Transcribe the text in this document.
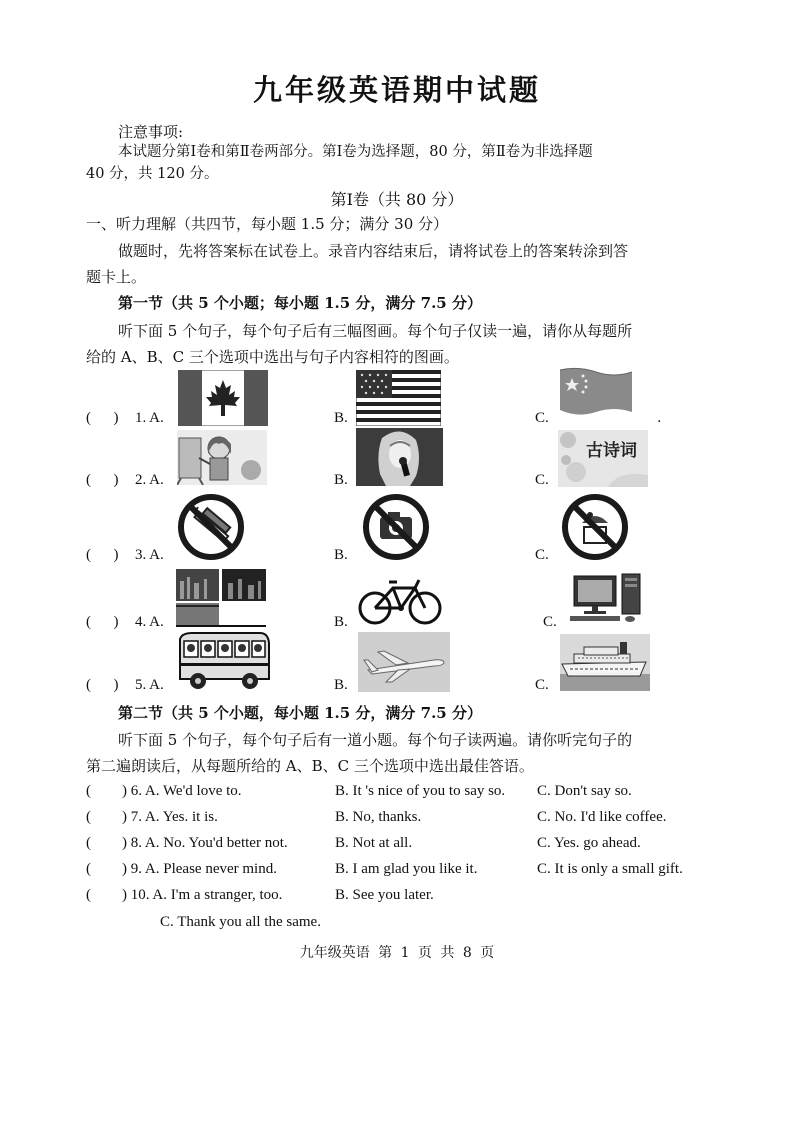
九年级英语期中试题
注意事项:
本试题分第Ⅰ卷和第Ⅱ卷两部分。第Ⅰ卷为选择题，80 分，第Ⅱ卷为非选择题
40 分，共 120 分。
第Ⅰ卷（共 80 分）
一、听力理解（共四节，每小题 1.5 分；满分 30 分）
做题时，先将答案标在试卷上。录音内容结束后，请将试卷上的答案转涂到答
题卡上。
第一节（共 5 个小题；每小题 1.5 分，满分 7.5 分）
听下面 5 个句子，每个句子后有三幅图画。每个句子仅读一遍，请你从每题所
给的 A、B、C 三个选项中选出与句子内容相符的图画。
(      ) 1. A.	B.	C.
(      ) 2. A.	B.	C.
(      ) 3. A.	B.	C.
(      ) 4. A.	B.	C.
(      ) 5. A.	B.	C.
.
古诗词
第二节（共 5 个小题，每小题 1.5 分，满分 7.5 分）
听下面 5 个句子，每个句子后有一道小题。每个句子读两遍。请你听完句子的
第二遍朗读后，从每题所给的 A、B、C 三个选项中选出最佳答语。
( ) 6. A. We'd love to.	B. It 's nice of you to say so. C. Don't say so.
( ) 7. A. Yes. it is.	B. No, thanks.	C. No. I'd like coffee.
( ) 8. A. No. You'd better not.	B. Not at all.	C. Yes. go ahead.
( ) 9. A. Please never mind.	B. I am glad you like it.	C. It is only a small gift.
( ) 10. A. I'm a stranger, too.	B. See you later.
C. Thank you all the same.
九年级英语 第 1 页 共 8 页
